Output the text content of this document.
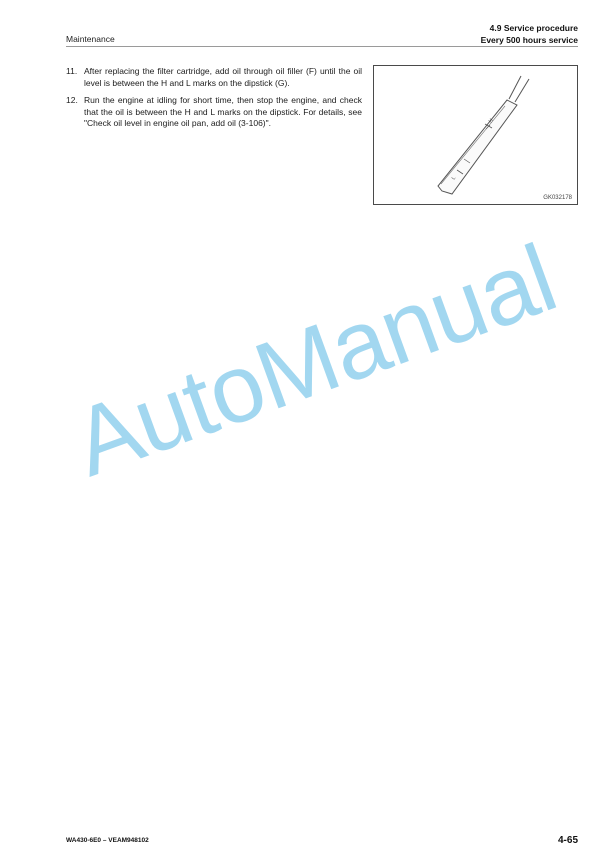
Maintenance
4.9 Service procedure
Every 500 hours service
11. After replacing the filter cartridge, add oil through oil filler (F) until the oil level is between the H and L marks on the dipstick (G).
12. Run the engine at idling for short time, then stop the engine, and check that the oil is between the H and L marks on the dipstick. For details, see "Check oil level in engine oil pan, add oil (3-106)".	H
L
GK032178
AutoManual
WA430-6E0 – VEAM948102	4-65
